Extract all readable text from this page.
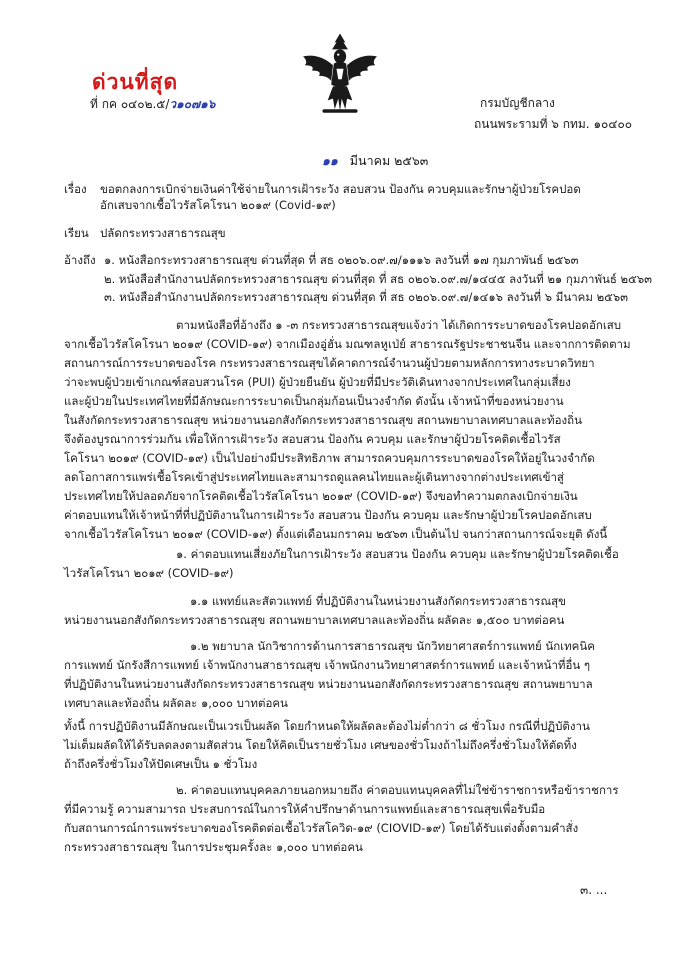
ด่วนที่สุด
ที่ กค ๐๔๐๒.๕/ว๑๐๗๑๖	กรมบัญชีกลาง
ถนนพระรามที่ ๖ กทม. ๑๐๔๐๐
๑๑ มีนาคม ๒๕๖๓
เรื่อง ขอตกลงการเบิกจ่ายเงินค่าใช้จ่ายในการเฝ้าระวัง สอบสวน ป้องกัน ควบคุมและรักษาผู้ป่วยโรคปอด
อักเสบจากเชื้อไวรัสโคโรนา ๒๐๑๙ (Covid-๑๙)
เรียน ปลัดกระทรวงสาธารณสุข
อ้างถึง ๑. หนังสือกระทรวงสาธารณสุข ด่วนที่สุด ที่ สธ ๐๒๐๖.๐๙.๗/๑๑๑๖ ลงวันที่ ๑๗ กุมภาพันธ์ ๒๕๖๓
๒. หนังสือสำนักงานปลัดกระทรวงสาธารณสุข ด่วนที่สุด ที่ สธ ๐๒๐๖.๐๙.๗/๑๔๔๕ ลงวันที่ ๒๑ กุมภาพันธ์ ๒๕๖๓
๓. หนังสือสำนักงานปลัดกระทรวงสาธารณสุข ด่วนที่สุด ที่ สธ ๐๒๐๖.๐๙.๗/๑๔๑๖ ลงวันที่ ๖ มีนาคม ๒๕๖๓
ตามหนังสือที่อ้างถึง ๑ -๓ กระทรวงสาธารณสุขแจ้งว่า ได้เกิดการระบาดของโรคปอดอักเสบ
จากเชื้อไวรัสโคโรนา ๒๐๑๙ (COVID-๑๙) จากเมืองอู่ฮั่น มณฑลหูเป่ย์ สาธารณรัฐประชาชนจีน และจากการติดตาม
สถานการณ์การระบาดของโรค กระทรวงสาธารณสุขได้คาดการณ์จำนวนผู้ป่วยตามหลักการทางระบาดวิทยา
ว่าจะพบผู้ป่วยเข้าเกณฑ์สอบสวนโรค (PUI) ผู้ป่วยยืนยัน ผู้ป่วยที่มีประวัติเดินทางจากประเทศในกลุ่มเสี่ยง
และผู้ป่วยในประเทศไทยที่มีลักษณะการระบาดเป็นกลุ่มก้อนเป็นวงจำกัด ดังนั้น เจ้าหน้าที่ของหน่วยงาน
ในสังกัดกระทรวงสาธารณสุข หน่วยงานนอกสังกัดกระทรวงสาธารณสุข สถานพยาบาลเทศบาลและท้องถิ่น
จึงต้องบูรณาการร่วมกัน เพื่อให้การเฝ้าระวัง สอบสวน ป้องกัน ควบคุม และรักษาผู้ป่วยโรคติดเชื้อไวรัส
โคโรนา ๒๐๑๙ (COVID-๑๙) เป็นไปอย่างมีประสิทธิภาพ สามารถควบคุมการระบาดของโรคให้อยู่ในวงจำกัด
ลดโอกาสการแพร่เชื้อโรคเข้าสู่ประเทศไทยและสามารถดูแลคนไทยและผู้เดินทางจากต่างประเทศเข้าสู่
ประเทศไทยให้ปลอดภัยจากโรคติดเชื้อไวรัสโคโรนา ๒๐๑๙ (COVID-๑๙) จึงขอทำความตกลงเบิกจ่ายเงิน
ค่าตอบแทนให้เจ้าหน้าที่ที่ปฏิบัติงานในการเฝ้าระวัง สอบสวน ป้องกัน ควบคุม และรักษาผู้ป่วยโรคปอดอักเสบ
จากเชื้อไวรัสโคโรนา ๒๐๑๙ (COVID-๑๙) ตั้งแต่เดือนมกราคม ๒๕๖๓ เป็นต้นไป จนกว่าสถานการณ์จะยุติ ดังนี้
๑. ค่าตอบแทนเสี่ยงภัยในการเฝ้าระวัง สอบสวน ป้องกัน ควบคุม และรักษาผู้ป่วยโรคติดเชื้อ
ไวรัสโคโรนา ๒๐๑๙ (COVID-๑๙)
๑.๑ แพทย์และสัตวแพทย์ ที่ปฏิบัติงานในหน่วยงานสังกัดกระทรวงสาธารณสุข
หน่วยงานนอกสังกัดกระทรวงสาธารณสุข สถานพยาบาลเทศบาลและท้องถิ่น ผลัดละ ๑,๕๐๐ บาทต่อคน
๑.๒ พยาบาล นักวิชาการด้านการสาธารณสุข นักวิทยาศาสตร์การแพทย์ นักเทคนิค
การแพทย์ นักรังสีการแพทย์ เจ้าพนักงานสาธารณสุข เจ้าพนักงานวิทยาศาสตร์การแพทย์ และเจ้าหน้าที่อื่น ๆ
ที่ปฏิบัติงานในหน่วยงานสังกัดกระทรวงสาธารณสุข หน่วยงานนอกสังกัดกระทรวงสาธารณสุข สถานพยาบาล
เทศบาลและท้องถิ่น ผลัดละ ๑,๐๐๐ บาทต่อคน
ทั้งนี้ การปฏิบัติงานมีลักษณะเป็นเวรเป็นผลัด โดยกำหนดให้ผลัดละต้องไม่ต่ำกว่า ๘ ชั่วโมง กรณีที่ปฏิบัติงาน
ไม่เต็มผลัดให้ได้รับลดลงตามสัดส่วน โดยให้คิดเป็นรายชั่วโมง เศษของชั่วโมงถ้าไม่ถึงครึ่งชั่วโมงให้ตัดทิ้ง
ถ้าถึงครึ่งชั่วโมงให้ปัดเศษเป็น ๑ ชั่วโมง
๒. ค่าตอบแทนบุคคลภายนอกหมายถึง ค่าตอบแทนบุคคลที่ไม่ใช่ข้าราชการหรือข้าราชการ
ที่มีความรู้ ความสามารถ ประสบการณ์ในการให้คำปรึกษาด้านการแพทย์และสาธารณสุขเพื่อรับมือ
กับสถานการณ์การแพร่ระบาดของโรคติดต่อเชื้อไวรัสโควิด-๑๙ (CIOVID-๑๙) โดยได้รับแต่งตั้งตามคำสั่ง
กระทรวงสาธารณสุข ในการประชุมครั้งละ ๑,๐๐๐ บาทต่อคน
๓. ...
